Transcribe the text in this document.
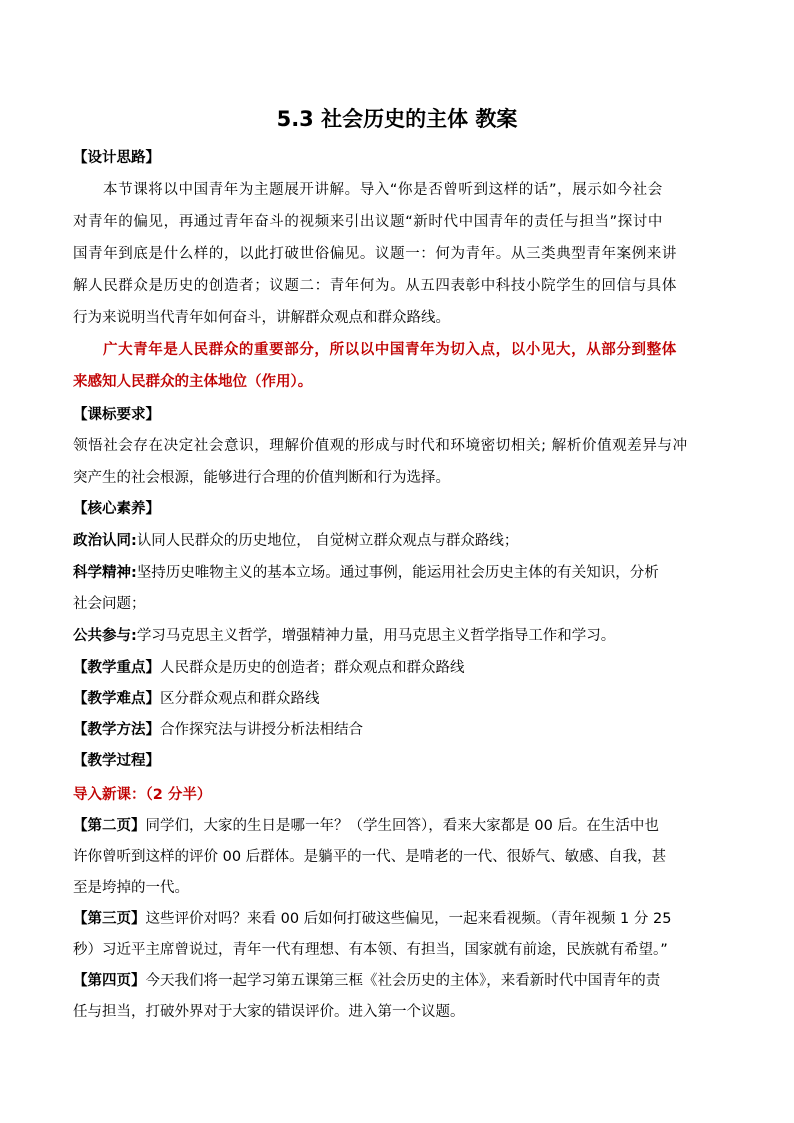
5.3 社会历史的主体 教案
【设计思路】
本节课将以中国青年为主题展开讲解。导入“你是否曾听到这样的话”，展示如今社会
对青年的偏见，再通过青年奋斗的视频来引出议题“新时代中国青年的责任与担当”探讨中
国青年到底是什么样的，以此打破世俗偏见。议题一：何为青年。从三类典型青年案例来讲
解人民群众是历史的创造者；议题二：青年何为。从五四表彰中科技小院学生的回信与具体
行为来说明当代青年如何奋斗，讲解群众观点和群众路线。
广大青年是人民群众的重要部分，所以以中国青年为切入点，以小见大，从部分到整体
来感知人民群众的主体地位（作用）。
【课标要求】
领悟社会存在决定社会意识，理解价值观的形成与时代和环境密切相关; 解析价值观差异与冲
突产生的社会根源，能够进行合理的价值判断和行为选择。
【核心素养】
政治认同:认同人民群众的历史地位， 自觉树立群众观点与群众路线；
科学精神:坚持历史唯物主义的基本立场。通过事例，能运用社会历史主体的有关知识，分析
社会问题；
公共参与:学习马克思主义哲学，增强精神力量，用马克思主义哲学指导工作和学习。
【教学重点】人民群众是历史的创造者；群众观点和群众路线
【教学难点】区分群众观点和群众路线
【教学方法】合作探究法与讲授分析法相结合
【教学过程】
导入新课：（2 分半）
【第二页】同学们，大家的生日是哪一年？（学生回答），看来大家都是 00 后。在生活中也
许你曾听到这样的评价 00 后群体。是躺平的一代、是啃老的一代、很娇气、敏感、自我，甚
至是垮掉的一代。
【第三页】这些评价对吗？来看 00 后如何打破这些偏见，一起来看视频。（青年视频 1 分 25
秒）习近平主席曾说过，青年一代有理想、有本领、有担当，国家就有前途，民族就有希望。”
【第四页】今天我们将一起学习第五课第三框《社会历史的主体》，来看新时代中国青年的责
任与担当，打破外界对于大家的错误评价。进入第一个议题。
